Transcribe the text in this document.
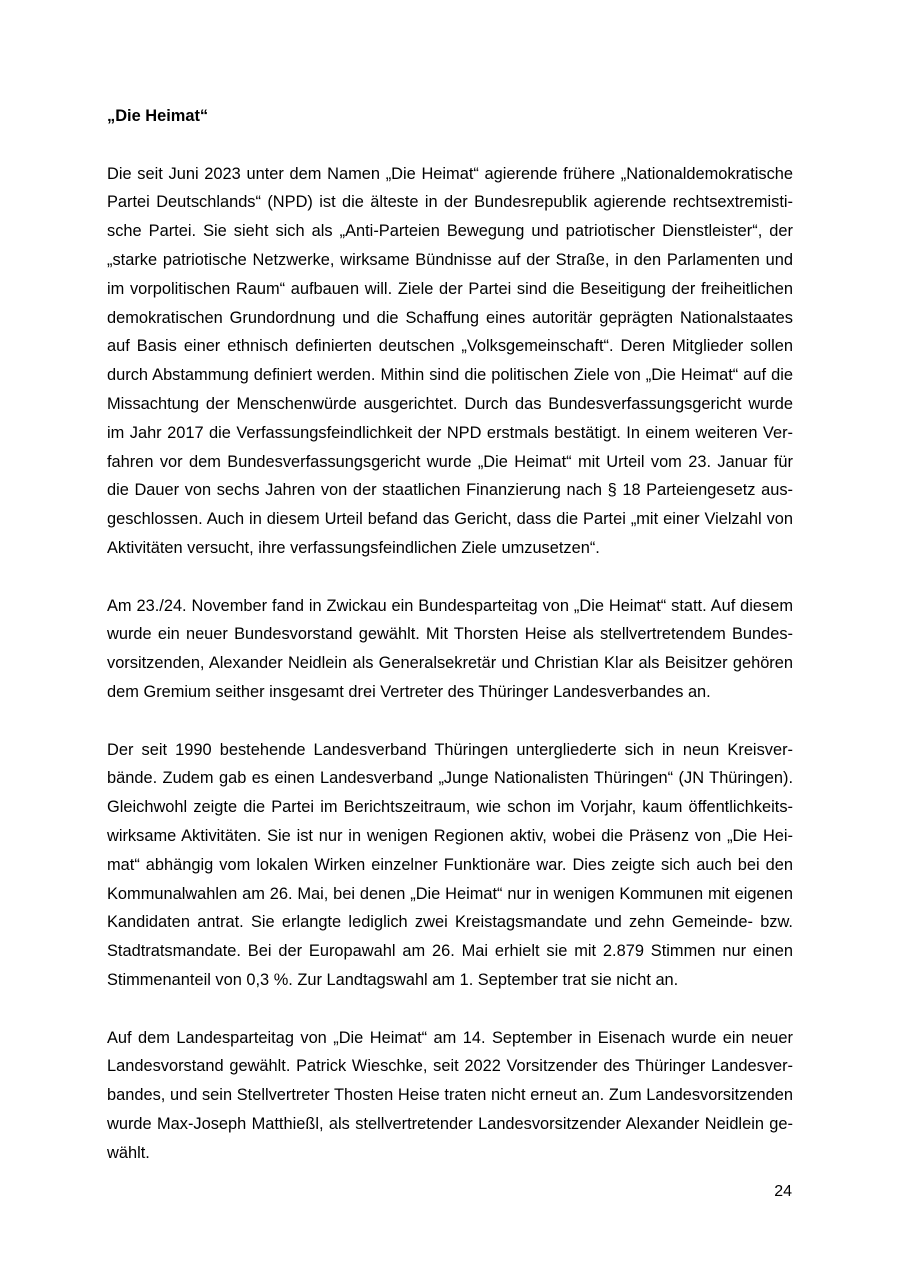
„Die Heimat“
Die seit Juni 2023 unter dem Namen „Die Heimat“ agierende frühere „Nationaldemokratische
Partei Deutschlands“ (NPD) ist die älteste in der Bundesrepublik agierende rechtsextremisti-
sche Partei. Sie sieht sich als „Anti-Parteien Bewegung und patriotischer Dienstleister“, der
„starke patriotische Netzwerke, wirksame Bündnisse auf der Straße, in den Parlamenten und
im vorpolitischen Raum“ aufbauen will. Ziele der Partei sind die Beseitigung der freiheitlichen
demokratischen Grundordnung und die Schaffung eines autoritär geprägten Nationalstaates
auf Basis einer ethnisch definierten deutschen „Volksgemeinschaft“. Deren Mitglieder sollen
durch Abstammung definiert werden. Mithin sind die politischen Ziele von „Die Heimat“ auf die
Missachtung der Menschenwürde ausgerichtet. Durch das Bundesverfassungsgericht wurde
im Jahr 2017 die Verfassungsfeindlichkeit der NPD erstmals bestätigt. In einem weiteren Ver-
fahren vor dem Bundesverfassungsgericht wurde „Die Heimat“ mit Urteil vom 23. Januar für
die Dauer von sechs Jahren von der staatlichen Finanzierung nach § 18 Parteiengesetz aus-
geschlossen. Auch in diesem Urteil befand das Gericht, dass die Partei „mit einer Vielzahl von
Aktivitäten versucht, ihre verfassungsfeindlichen Ziele umzusetzen“.
Am 23./24. November fand in Zwickau ein Bundesparteitag von „Die Heimat“ statt. Auf diesem
wurde ein neuer Bundesvorstand gewählt. Mit Thorsten Heise als stellvertretendem Bundes-
vorsitzenden, Alexander Neidlein als Generalsekretär und Christian Klar als Beisitzer gehören
dem Gremium seither insgesamt drei Vertreter des Thüringer Landesverbandes an.
Der seit 1990 bestehende Landesverband Thüringen untergliederte sich in neun Kreisver-
bände. Zudem gab es einen Landesverband „Junge Nationalisten Thüringen“ (JN Thüringen).
Gleichwohl zeigte die Partei im Berichtszeitraum, wie schon im Vorjahr, kaum öffentlichkeits-
wirksame Aktivitäten. Sie ist nur in wenigen Regionen aktiv, wobei die Präsenz von „Die Hei-
mat“ abhängig vom lokalen Wirken einzelner Funktionäre war. Dies zeigte sich auch bei den
Kommunalwahlen am 26. Mai, bei denen „Die Heimat“ nur in wenigen Kommunen mit eigenen
Kandidaten antrat. Sie erlangte lediglich zwei Kreistagsmandate und zehn Gemeinde- bzw.
Stadtratsmandate. Bei der Europawahl am 26. Mai erhielt sie mit 2.879 Stimmen nur einen
Stimmenanteil von 0,3 %. Zur Landtagswahl am 1. September trat sie nicht an.
Auf dem Landesparteitag von „Die Heimat“ am 14. September in Eisenach wurde ein neuer
Landesvorstand gewählt. Patrick Wieschke, seit 2022 Vorsitzender des Thüringer Landesver-
bandes, und sein Stellvertreter Thosten Heise traten nicht erneut an. Zum Landesvorsitzenden
wurde Max-Joseph Matthießl, als stellvertretender Landesvorsitzender Alexander Neidlein ge-
wählt.
24
